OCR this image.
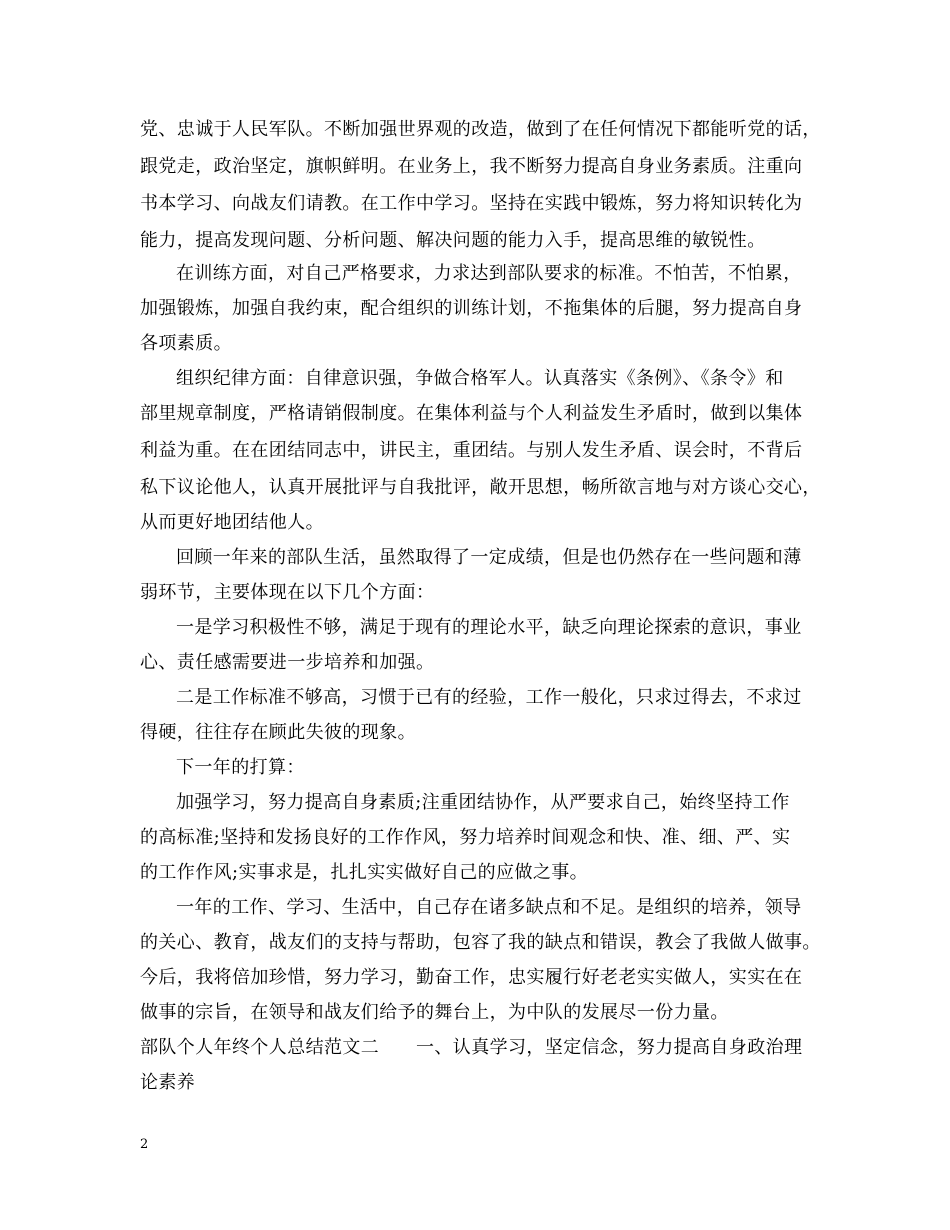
党、忠诚于人民军队。不断加强世界观的改造，做到了在任何情况下都能听党的话，
跟党走，政治坚定，旗帜鲜明。在业务上，我不断努力提高自身业务素质。注重向
书本学习、向战友们请教。在工作中学习。坚持在实践中锻炼，努力将知识转化为
能力，提高发现问题、分析问题、解决问题的能力入手，提高思维的敏锐性。
在训练方面，对自己严格要求，力求达到部队要求的标准。不怕苦，不怕累，
加强锻炼，加强自我约束，配合组织的训练计划，不拖集体的后腿，努力提高自身
各项素质。
组织纪律方面：自律意识强，争做合格军人。认真落实《条例》、《条令》和
部里规章制度，严格请销假制度。在集体利益与个人利益发生矛盾时，做到以集体
利益为重。在在团结同志中，讲民主，重团结。与别人发生矛盾、误会时，不背后
私下议论他人，认真开展批评与自我批评，敞开思想，畅所欲言地与对方谈心交心，
从而更好地团结他人。
回顾一年来的部队生活，虽然取得了一定成绩，但是也仍然存在一些问题和薄
弱环节，主要体现在以下几个方面：
一是学习积极性不够，满足于现有的理论水平，缺乏向理论探索的意识，事业
心、责任感需要进一步培养和加强。
二是工作标准不够高，习惯于已有的经验，工作一般化，只求过得去，不求过
得硬，往往存在顾此失彼的现象。
下一年的打算：
加强学习，努力提高自身素质;注重团结协作，从严要求自己，始终坚持工作
的高标准;坚持和发扬良好的工作作风，努力培养时间观念和快、准、细、严、实
的工作作风;实事求是，扎扎实实做好自己的应做之事。
一年的工作、学习、生活中，自己存在诸多缺点和不足。是组织的培养，领导
的关心、教育，战友们的支持与帮助，包容了我的缺点和错误，教会了我做人做事。
今后，我将倍加珍惜，努力学习，勤奋工作，忠实履行好老老实实做人，实实在在
做事的宗旨，在领导和战友们给予的舞台上，为中队的发展尽一份力量。
部队个人年终个人总结范文二　　一、认真学习，坚定信念，努力提高自身政治理
论素养
2
